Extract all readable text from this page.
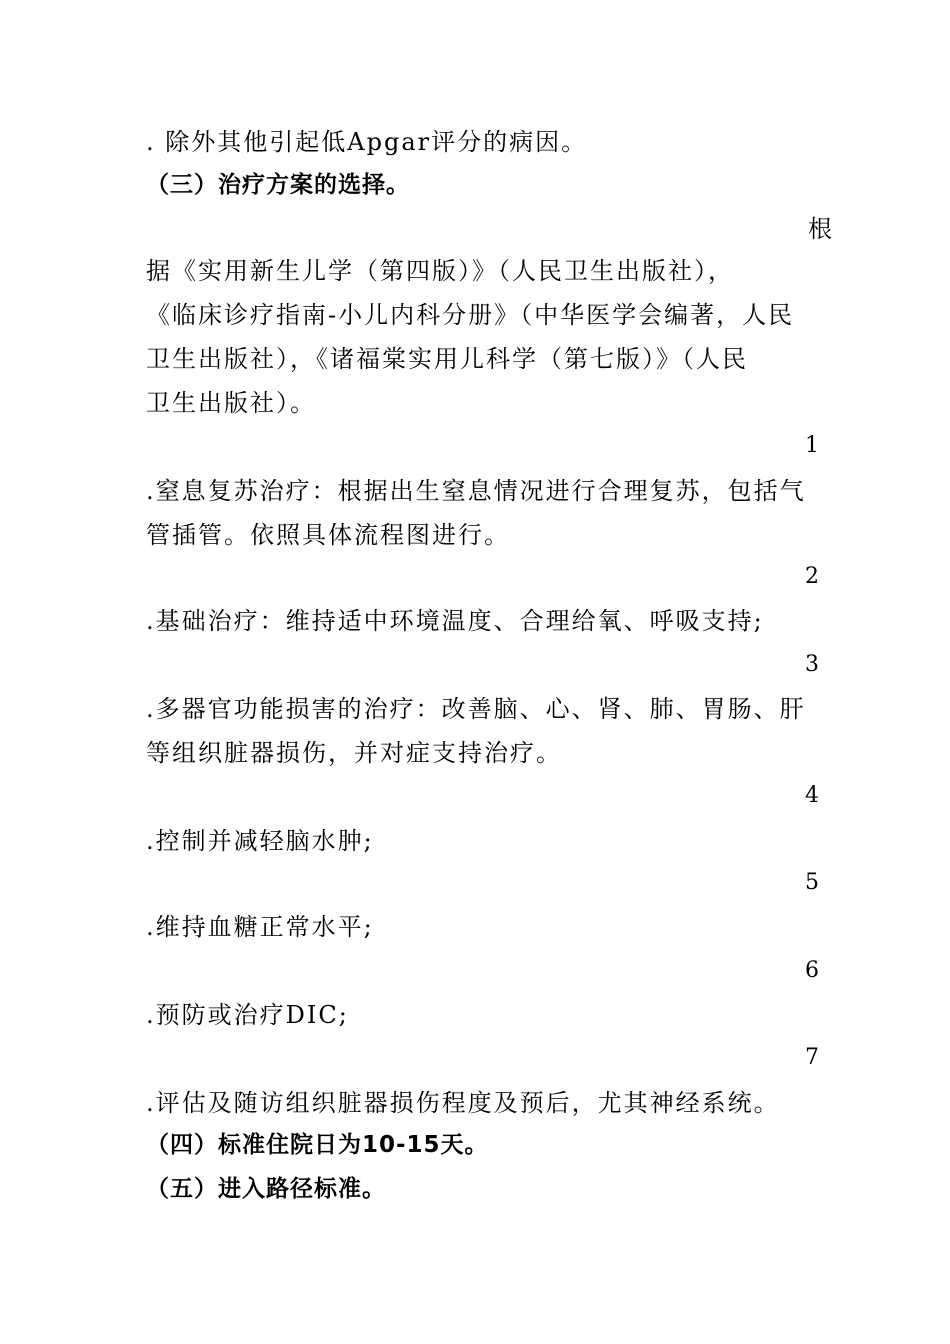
. 除外其他引起低Apgar评分的病因。
（三）治疗方案的选择。
根
据《实用新生儿学（第四版）》（人民卫生出版社），
《临床诊疗指南-小儿内科分册》（中华医学会编著，人民
卫生出版社），《诸福棠实用儿科学（第七版）》（人民
卫生出版社）。
1
.窒息复苏治疗：根据出生窒息情况进行合理复苏，包括气
管插管。依照具体流程图进行。
2
.基础治疗：维持适中环境温度、合理给氧、呼吸支持;
3
.多器官功能损害的治疗：改善脑、心、肾、肺、胃肠、肝
等组织脏器损伤，并对症支持治疗。
4
.控制并减轻脑水肿;
5
.维持血糖正常水平;
6
.预防或治疗DIC;
7
.评估及随访组织脏器损伤程度及预后，尤其神经系统。
（四）标准住院日为10-15天。
（五）进入路径标准。
